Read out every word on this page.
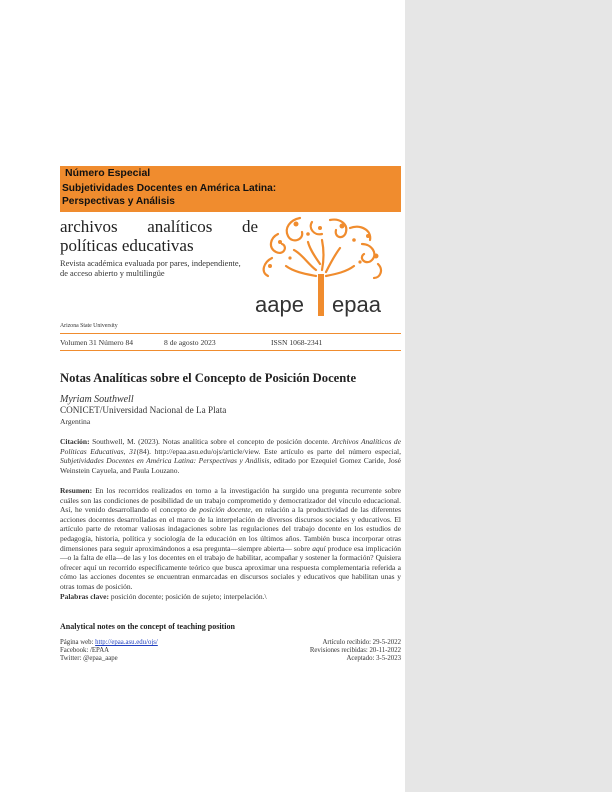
Número Especial
Subjetividades Docentes en América Latina:
Perspectivas y Análisis
archivos analíticos de
políticas educativas
Revista académica evaluada por pares, independiente,
de acceso abierto y multilingüe
aape epaa
Arizona State University
Volumen 31 Número 84	8 de agosto 2023	ISSN 1068-2341
Notas Analíticas sobre el Concepto de Posición Docente
Myriam Southwell
CONICET/Universidad Nacional de La Plata
Argentina
Citación: Southwell, M. (2023). Notas analítica sobre el concepto de posición docente. Archivos Analíticos de Políticas Educativas, 31(84). http://epaa.asu.edu/ojs/article/view. Este artículo es parte del número especial, Subjetividades Docentes en América Latina: Perspectivas y Análisis, editado por Ezequiel Gomez Caride, José Weinstein Cayuela, and Paula Louzano.
Resumen: En los recorridos realizados en torno a la investigación ha surgido una pregunta recurrente sobre cuáles son las condiciones de posibilidad de un trabajo comprometido y democratizador del vínculo educacional. Así, he venido desarrollando el concepto de posición docente, en relación a la productividad de las diferentes acciones docentes desarrolladas en el marco de la interpelación de diversos discursos sociales y educativos. El artículo parte de retomar valiosas indagaciones sobre las regulaciones del trabajo docente en los estudios de pedagogía, historia, política y sociología de la educación en los últimos años. También busca incorporar otras dimensiones para seguir aproximándonos a esa pregunta—siempre abierta— sobre aquí produce esa implicación—o la falta de ella—de las y los docentes en el trabajo de habilitar, acompañar y sostener la formación? Quisiera ofrecer aquí un recorrido específicamente teórico que busca aproximar una respuesta complementaria referida a cómo las acciones docentes se encuentran enmarcadas en discursos sociales y educativos que habilitan unas y otras tomas de posición.
Palabras clave: posición docente; posición de sujeto; interpelación.\
Analytical notes on the concept of teaching position
Página web: http://epaa.asu.edu/ojs/
Facebook: /EPAA
Twitter: @epaa_aape
Artículo recibido: 29-5-2022
Revisiones recibidas: 20-11-2022
Aceptado: 3-5-2023
